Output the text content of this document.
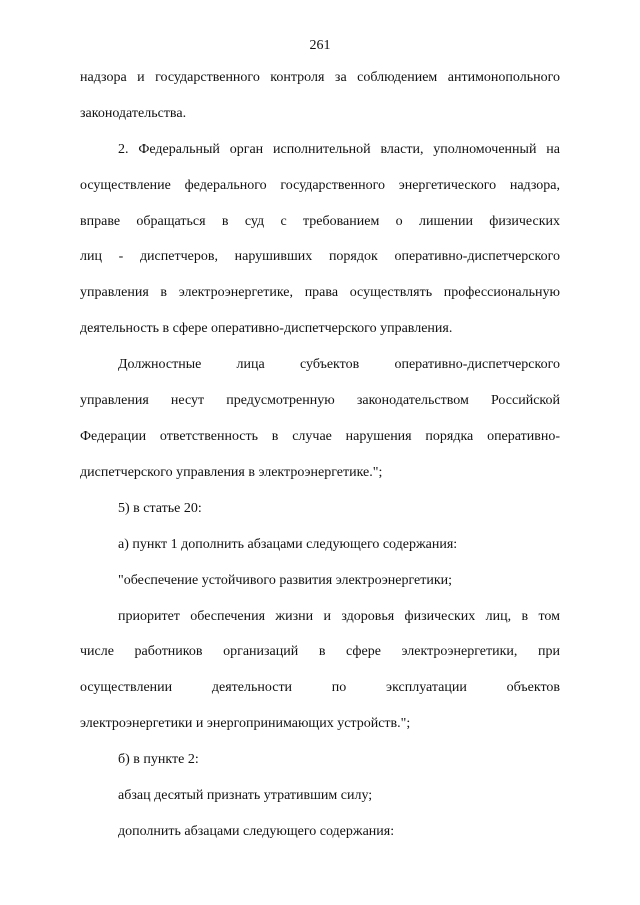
261
надзора и государственного контроля за соблюдением антимонопольного
законодательства.
2. Федеральный орган исполнительной власти, уполномоченный на
осуществление федерального государственного энергетического надзора,
вправе обращаться в суд с требованием о лишении физических
лиц - диспетчеров, нарушивших порядок оперативно-диспетчерского
управления в электроэнергетике, права осуществлять профессиональную
деятельность в сфере оперативно-диспетчерского управления.
Должностные лица субъектов оперативно-диспетчерского
управления несут предусмотренную законодательством Российской
Федерации ответственность в случае нарушения порядка оперативно-
диспетчерского управления в электроэнергетике.";
5) в статье 20:
а) пункт 1 дополнить абзацами следующего содержания:
"обеспечение устойчивого развития электроэнергетики;
приоритет обеспечения жизни и здоровья физических лиц, в том
числе работников организаций в сфере электроэнергетики, при
осуществлении деятельности по эксплуатации объектов
электроэнергетики и энергопринимающих устройств.";
б) в пункте 2:
абзац десятый признать утратившим силу;
дополнить абзацами следующего содержания:
